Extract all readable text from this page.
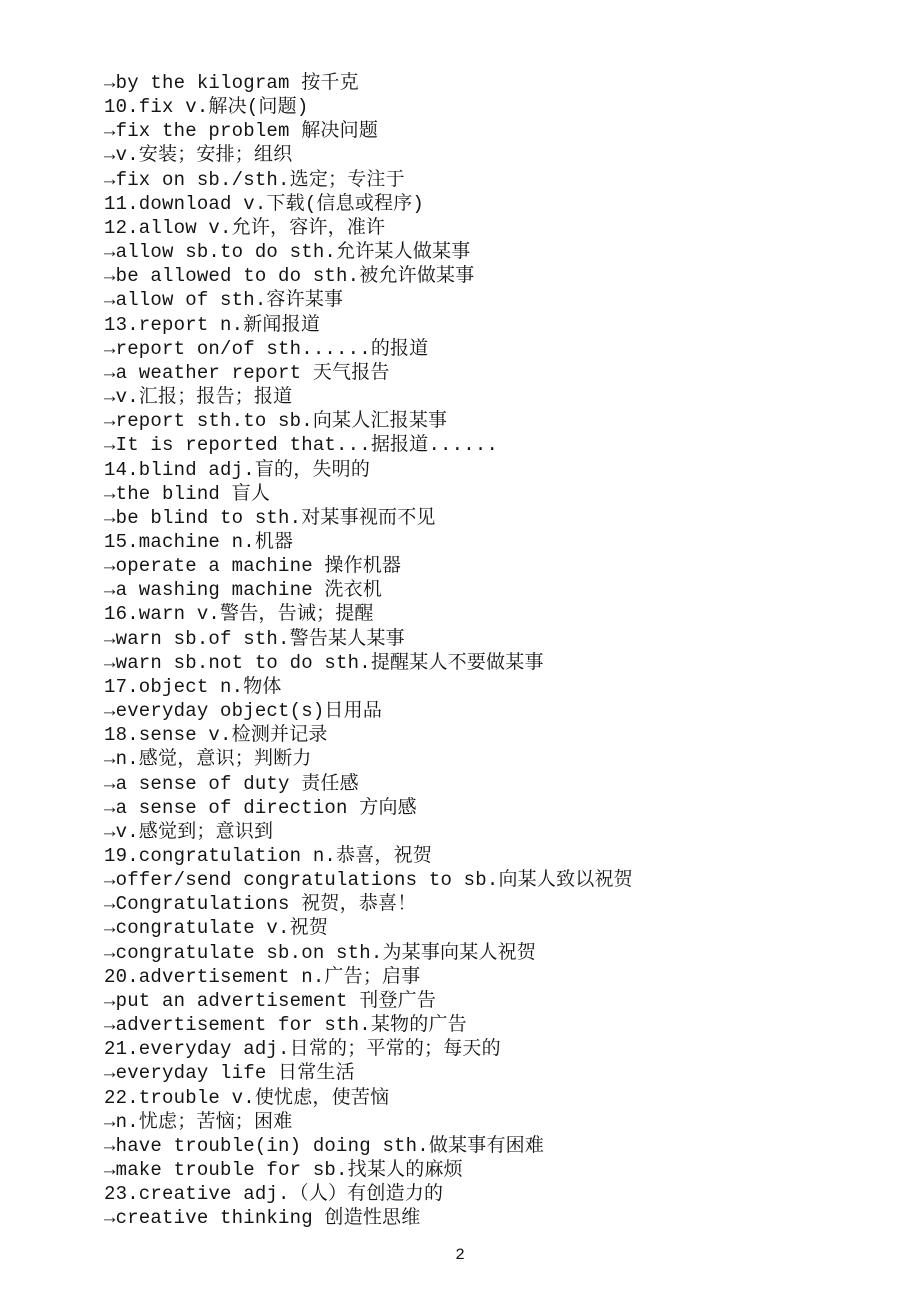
→by the kilogram 按千克
10.fix v.解决(问题)
→fix the problem 解决问题
→v.安装；安排；组织
→fix on sb./sth.选定；专注于
11.download v.下载(信息或程序)
12.allow v.允许，容许，准许
→allow sb.to do sth.允许某人做某事
→be allowed to do sth.被允许做某事
→allow of sth.容许某事
13.report n.新闻报道
→report on/of sth......的报道
→a weather report 天气报告
→v.汇报；报告；报道
→report sth.to sb.向某人汇报某事
→It is reported that...据报道......
14.blind adj.盲的，失明的
→the blind 盲人
→be blind to sth.对某事视而不见
15.machine n.机器
→operate a machine 操作机器
→a washing machine 洗衣机
16.warn v.警告，告诫；提醒
→warn sb.of sth.警告某人某事
→warn sb.not to do sth.提醒某人不要做某事
17.object n.物体
→everyday object(s)日用品
18.sense v.检测并记录
→n.感觉，意识；判断力
→a sense of duty 责任感
→a sense of direction 方向感
→v.感觉到；意识到
19.congratulation n.恭喜，祝贺
→offer/send congratulations to sb.向某人致以祝贺
→Congratulations 祝贺，恭喜！
→congratulate v.祝贺
→congratulate sb.on sth.为某事向某人祝贺
20.advertisement n.广告；启事
→put an advertisement 刊登广告
→advertisement for sth.某物的广告
21.everyday adj.日常的；平常的；每天的
→everyday life 日常生活
22.trouble v.使忧虑，使苦恼
→n.忧虑；苦恼；困难
→have trouble(in) doing sth.做某事有困难
→make trouble for sb.找某人的麻烦
23.creative adj.（人）有创造力的
→creative thinking 创造性思维
2
